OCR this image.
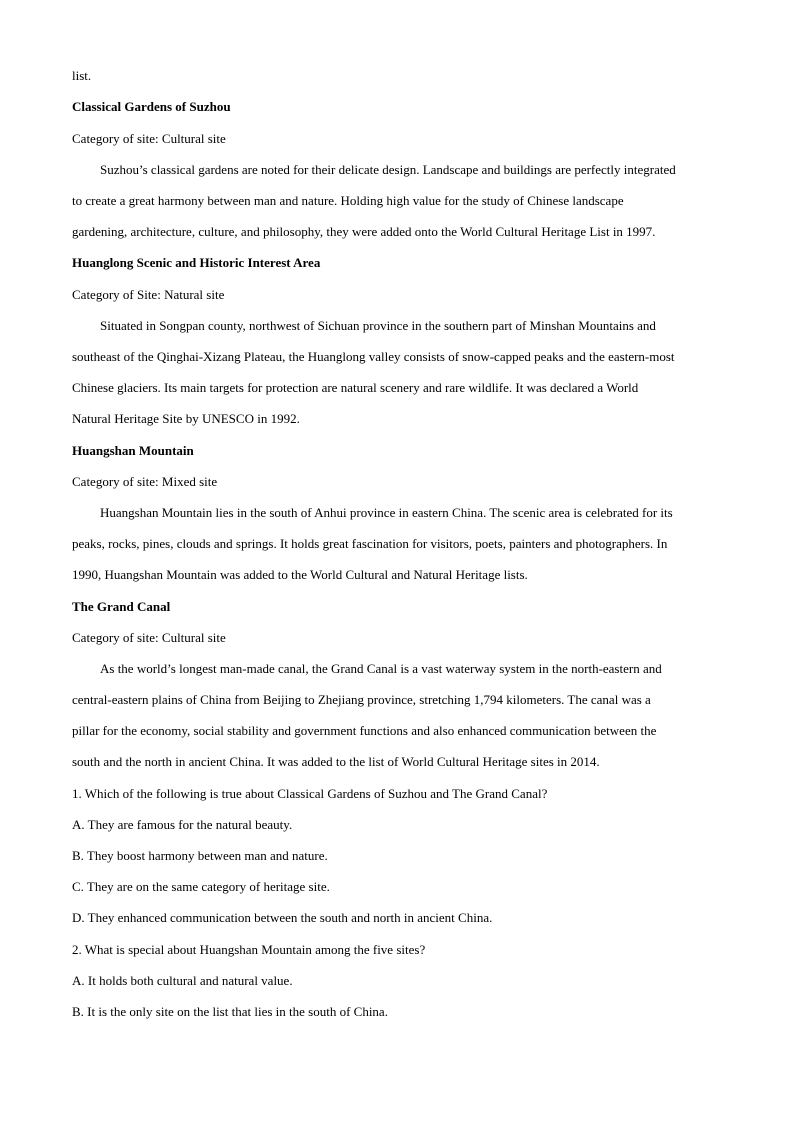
list.
Classical Gardens of Suzhou
Category of site: Cultural site
Suzhou’s classical gardens are noted for their delicate design. Landscape and buildings are perfectly integrated
to create a great harmony between man and nature. Holding high value for the study of Chinese landscape
gardening, architecture, culture, and philosophy, they were added onto the World Cultural Heritage List in 1997.
Huanglong Scenic and Historic Interest Area
Category of Site: Natural site
Situated in Songpan county, northwest of Sichuan province in the southern part of Minshan Mountains and
southeast of the Qinghai-Xizang Plateau, the Huanglong valley consists of snow-capped peaks and the eastern-most
Chinese glaciers. Its main targets for protection are natural scenery and rare wildlife. It was declared a World
Natural Heritage Site by UNESCO in 1992.
Huangshan Mountain
Category of site: Mixed site
Huangshan Mountain lies in the south of Anhui province in eastern China. The scenic area is celebrated for its
peaks, rocks, pines, clouds and springs. It holds great fascination for visitors, poets, painters and photographers. In
1990, Huangshan Mountain was added to the World Cultural and Natural Heritage lists.
The Grand Canal
Category of site: Cultural site
As the world’s longest man-made canal, the Grand Canal is a vast waterway system in the north-eastern and
central-eastern plains of China from Beijing to Zhejiang province, stretching 1,794 kilometers. The canal was a
pillar for the economy, social stability and government functions and also enhanced communication between the
south and the north in ancient China. It was added to the list of World Cultural Heritage sites in 2014.
1. Which of the following is true about Classical Gardens of Suzhou and The Grand Canal?
A. They are famous for the natural beauty.
B. They boost harmony between man and nature.
C. They are on the same category of heritage site.
D. They enhanced communication between the south and north in ancient China.
2. What is special about Huangshan Mountain among the five sites?
A. It holds both cultural and natural value.
B. It is the only site on the list that lies in the south of China.
